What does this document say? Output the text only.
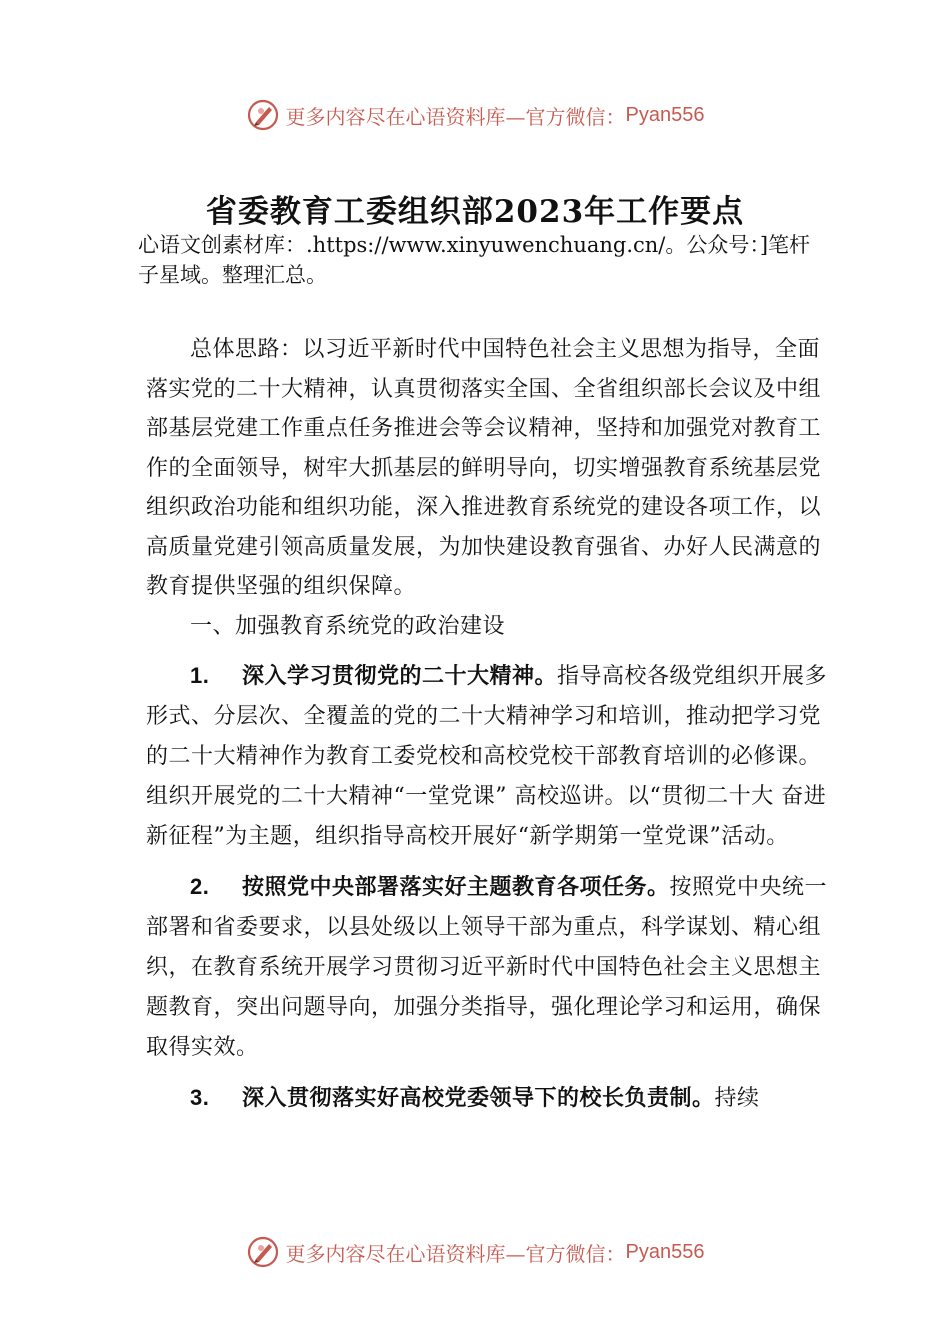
更多内容尽在心语资料库—官方微信： Pyan556
省委教育工委组织部2023年工作要点

心语文创素材库：.https://www.xinyuwenchuang.cn/。公众号：]笔杆子星域。整理汇总。

总体思路：以习近平新时代中国特色社会主义思想为指导，全面落实党的二十大精神，认真贯彻落实全国、全省组织部长会议及中组部基层党建工作重点任务推进会等会议精神，坚持和加强党对教育工作的全面领导，树牢大抓基层的鲜明导向，切实增强教育系统基层党组织政治功能和组织功能，深入推进教育系统党的建设各项工作，以高质量党建引领高质量发展，为加快建设教育强省、办好人民满意的教育提供坚强的组织保障。

一、加强教育系统党的政治建设

1. 深入学习贯彻党的二十大精神。指导高校各级党组织开展多形式、分层次、全覆盖的党的二十大精神学习和培训，推动把学习党的二十大精神作为教育工委党校和高校党校干部教育培训的必修课。组织开展党的二十大精神“一堂党课” 高校巡讲。以“贯彻二十大 奋进新征程”为主题，组织指导高校开展好“新学期第一堂党课”活动。

2. 按照党中央部署落实好主题教育各项任务。按照党中央统一部署和省委要求，以县处级以上领导干部为重点，科学谋划、精心组织，在教育系统开展学习贯彻习近平新时代中国特色社会主义思想主题教育，突出问题导向，加强分类指导，强化理论学习和运用，确保取得实效。

3. 深入贯彻落实好高校党委领导下的校长负责制。持续

更多内容尽在心语资料库—官方微信： Pyan556
